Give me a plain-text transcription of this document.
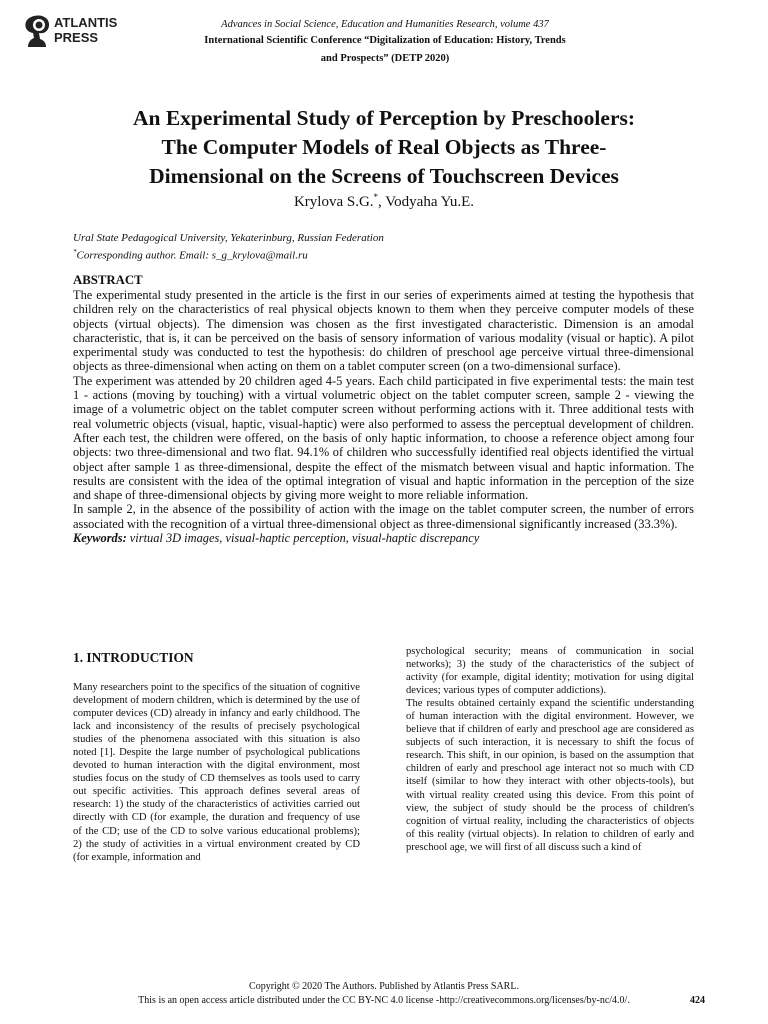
ATLANTIS
PRESS
Advances in Social Science, Education and Humanities Research, volume 437
International Scientific Conference “Digitalization of Education: History, Trends
and Prospects” (DETP 2020)
An Experimental Study of Perception by Preschoolers:
The Computer Models of Real Objects as Three-
Dimensional on the Screens of Touchscreen Devices
Krylova S.G.*, Vodyaha Yu.E.
Ural State Pedagogical University, Yekaterinburg, Russian Federation
*Corresponding author. Email: s_g_krylova@mail.ru
ABSTRACT

The experimental study presented in the article is the first in our series of experiments aimed at testing the hypothesis that children rely on the characteristics of real physical objects known to them when they perceive computer models of these objects (virtual objects). The dimension was chosen as the first investigated characteristic. Dimension is an amodal characteristic, that is, it can be perceived on the basis of sensory information of various modality (visual or haptic). A pilot experimental study was conducted to test the hypothesis: do children of preschool age perceive virtual three-dimensional objects as three-dimensional when acting on them on a tablet computer screen (on a two-dimensional surface).

The experiment was attended by 20 children aged 4-5 years. Each child participated in five experimental tests: the main test 1 - actions (moving by touching) with a virtual volumetric object on the tablet computer screen, sample 2 - viewing the image of a volumetric object on the tablet computer screen without performing actions with it. Three additional tests with real volumetric objects (visual, haptic, visual-haptic) were also performed to assess the perceptual development of children. After each test, the children were offered, on the basis of only haptic information, to choose a reference object among four objects: two three-dimensional and two flat. 94.1% of children who successfully identified real objects identified the virtual object after sample 1 as three-dimensional, despite the effect of the mismatch between visual and haptic information. The results are consistent with the idea of the optimal integration of visual and haptic information in the perception of the size and shape of three-dimensional objects by giving more weight to more reliable information.

In sample 2, in the absence of the possibility of action with the image on the tablet computer screen, the number of errors associated with the recognition of a virtual three-dimensional object as three-dimensional significantly increased (33.3%).

Keywords: virtual 3D images, visual-haptic perception, visual-haptic discrepancy

1. INTRODUCTION

Many researchers point to the specifics of the situation of cognitive development of modern children, which is determined by the use of computer devices (CD) already in infancy and early childhood. The lack and inconsistency of the results of precisely psychological studies of the phenomena associated with this situation is also noted [1]. Despite the large number of psychological publications devoted to human interaction with the digital environment, most studies focus on the study of CD themselves as tools used to carry out specific activities. This approach defines several areas of research: 1) the study of the characteristics of activities carried out directly with CD (for example, the duration and frequency of use of the CD; use of the CD to solve various educational problems); 2) the study of activities in a virtual environment created by CD (for example, information and

psychological security; means of communication in social networks); 3) the study of the characteristics of the subject of activity (for example, digital identity; motivation for using digital devices; various types of computer addictions).

The results obtained certainly expand the scientific understanding of human interaction with the digital environment. However, we believe that if children of early and preschool age are considered as subjects of such interaction, it is necessary to shift the focus of research. This shift, in our opinion, is based on the assumption that children of early and preschool age interact not so much with CD itself (similar to how they interact with other objects-tools), but with virtual reality created using this device. From this point of view, the subject of study should be the process of children's cognition of virtual reality, including the characteristics of objects of this reality (virtual objects). In relation to children of early and preschool age, we will first of all discuss such a kind of

Copyright © 2020 The Authors. Published by Atlantis Press SARL.
This is an open access article distributed under the CC BY-NC 4.0 license -http://creativecommons.org/licenses/by-nc/4.0/.	424
